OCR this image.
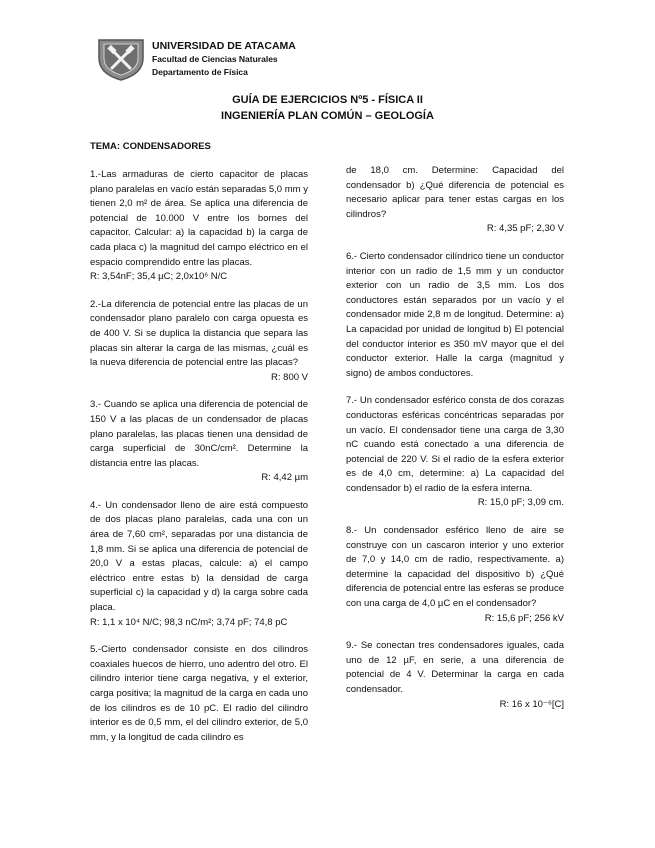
UNIVERSIDAD DE ATACAMA
Facultad de Ciencias Naturales
Departamento de Física
GUÍA DE EJERCICIOS Nº5 - FÍSICA II
INGENIERÍA PLAN COMÚN – GEOLOGÍA
TEMA: CONDENSADORES
1.-Las armaduras de cierto capacitor de placas plano paralelas en vacío están separadas 5,0 mm y tienen 2,0 m² de área. Se aplica una diferencia de potencial de 10.000 V entre los bornes del capacitor. Calcular: a) la capacidad b) la carga de cada placa c) la magnitud del campo eléctrico en el espacio comprendido entre las placas.
R: 3,54nF; 35,4 µC; 2,0x10⁶ N/C
2.-La diferencia de potencial entre las placas de un condensador plano paralelo con carga opuesta es de 400 V. Si se duplica la distancia que separa las placas sin alterar la carga de las mismas, ¿cuál es la nueva diferencia de potencial entre las placas?
R: 800 V
3.- Cuando se aplica una diferencia de potencial de 150 V a las placas de un condensador de placas plano paralelas, las placas tienen una densidad de carga superficial de 30nC/cm². Determine la distancia entre las placas.
R: 4,42 µm
4.- Un condensador lleno de aire está compuesto de dos placas plano paralelas, cada una con un área de 7,60 cm², separadas por una distancia de 1,8 mm. Si se aplica una diferencia de potencial de 20,0 V a estas placas, calcule: a) el campo eléctrico entre estas b) la densidad de carga superficial c) la capacidad y d) la carga sobre cada placa.
R: 1,1 x 10⁴ N/C; 98,3 nC/m²; 3,74 pF; 74,8 pC
5.-Cierto condensador consiste en dos cilindros coaxiales huecos de hierro, uno adentro del otro. El cilindro interior tiene carga negativa, y el exterior, carga positiva; la magnitud de la carga en cada uno de los cilindros es de 10 pC. El radio del cilindro interior es de 0,5 mm, el del cilindro exterior, de 5,0 mm, y la longitud de cada cilindro es
de 18,0 cm. Determine: Capacidad del condensador b) ¿Qué diferencia de potencial es necesario aplicar para tener estas cargas en los cilindros?
R: 4,35 pF; 2,30 V
6.- Cierto condensador cilíndrico tiene un conductor interior con un radio de 1,5 mm y un conductor exterior con un radio de 3,5 mm. Los dos conductores están separados por un vacío y el condensador mide 2,8 m de longitud. Determine: a) La capacidad por unidad de longitud b) El potencial del conductor interior es 350 mV mayor que el del conductor exterior. Halle la carga (magnitud y signo) de ambos conductores.
7.- Un condensador esférico consta de dos corazas conductoras esféricas concéntricas separadas por un vacío. El condensador tiene una carga de 3,30 nC cuando está conectado a una diferencia de potencial de 220 V. Si el radio de la esfera exterior es de 4,0 cm, determine: a) La capacidad del condensador b) el radio de la esfera interna.
R: 15,0 pF; 3,09 cm.
8.- Un condensador esférico lleno de aire se construye con un cascaron interior y uno exterior de 7,0 y 14,0 cm de radio, respectivamente. a) determine la capacidad del dispositivo b) ¿Qué diferencia de potencial entre las esferas se produce con una carga de 4,0 µC en el condensador?
R: 15,6 pF; 256 kV
9.- Se conectan tres condensadores iguales, cada uno de 12 µF, en serie, a una diferencia de potencial de 4 V. Determinar la carga en cada condensador.
R: 16 x 10⁻⁶[C]
